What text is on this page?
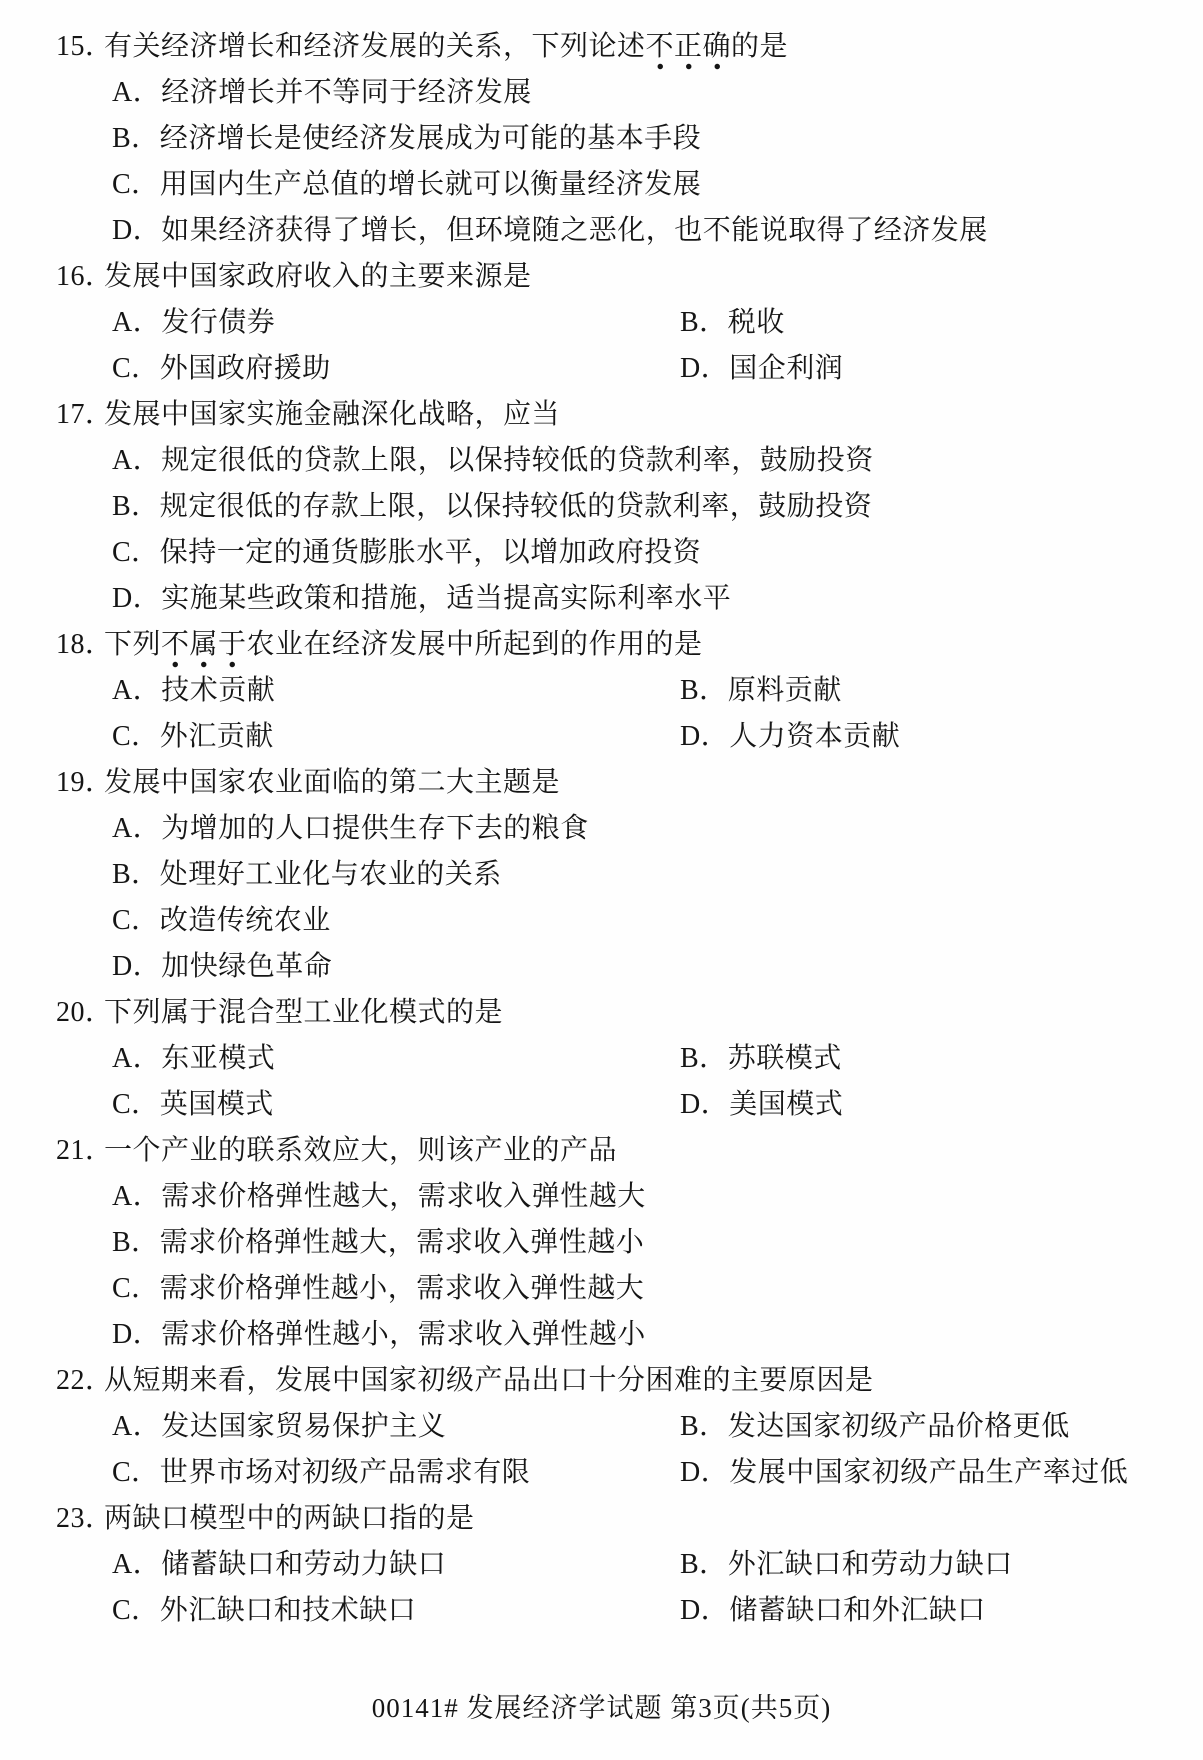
15．有关经济增长和经济发展的关系，下列论述不正确的是
A．经济增长并不等同于经济发展
B．经济增长是使经济发展成为可能的基本手段
C．用国内生产总值的增长就可以衡量经济发展
D．如果经济获得了增长，但环境随之恶化，也不能说取得了经济发展
16．发展中国家政府收入的主要来源是
A．发行债券	B．税收
C．外国政府援助	D．国企利润
17．发展中国家实施金融深化战略，应当
A．规定很低的贷款上限，以保持较低的贷款利率，鼓励投资
B．规定很低的存款上限，以保持较低的贷款利率，鼓励投资
C．保持一定的通货膨胀水平，以增加政府投资
D．实施某些政策和措施，适当提高实际利率水平
18．下列不属于农业在经济发展中所起到的作用的是
A．技术贡献	B．原料贡献
C．外汇贡献	D．人力资本贡献
19．发展中国家农业面临的第二大主题是
A．为增加的人口提供生存下去的粮食
B．处理好工业化与农业的关系
C．改造传统农业
D．加快绿色革命
20．下列属于混合型工业化模式的是
A．东亚模式	B．苏联模式
C．英国模式	D．美国模式
21．一个产业的联系效应大，则该产业的产品
A．需求价格弹性越大，需求收入弹性越大
B．需求价格弹性越大，需求收入弹性越小
C．需求价格弹性越小，需求收入弹性越大
D．需求价格弹性越小，需求收入弹性越小
22．从短期来看，发展中国家初级产品出口十分困难的主要原因是
A．发达国家贸易保护主义	B．发达国家初级产品价格更低
C．世界市场对初级产品需求有限	D．发展中国家初级产品生产率过低
23．两缺口模型中的两缺口指的是
A．储蓄缺口和劳动力缺口	B．外汇缺口和劳动力缺口
C．外汇缺口和技术缺口	D．储蓄缺口和外汇缺口
00141# 发展经济学试题 第3页(共5页)
